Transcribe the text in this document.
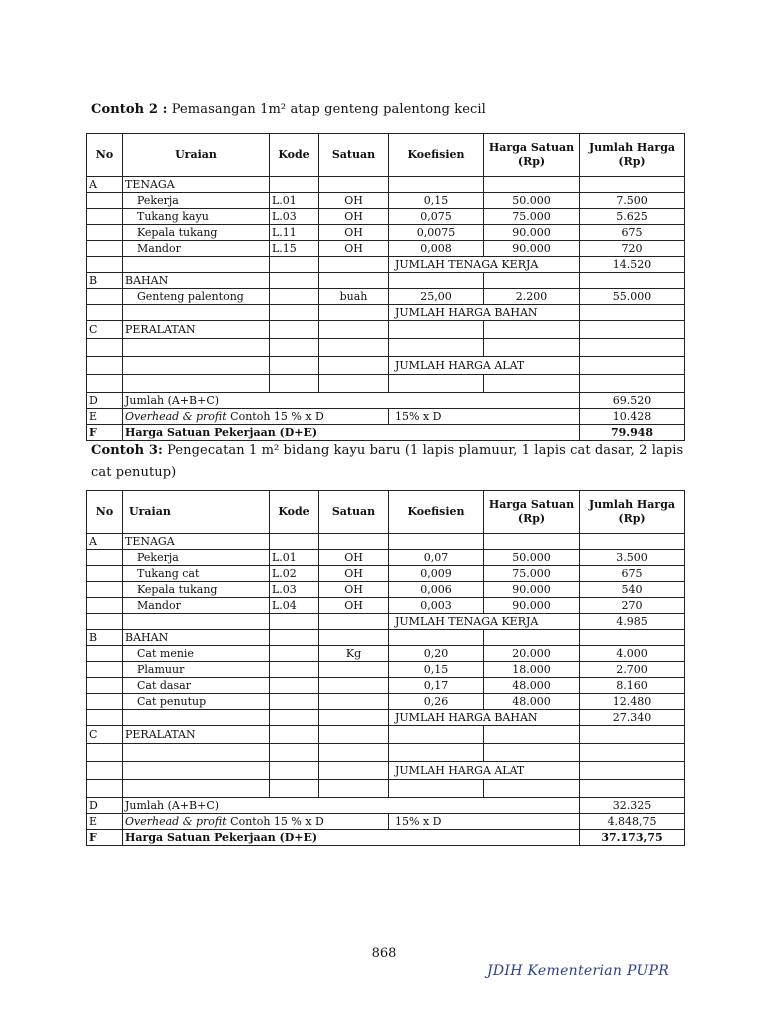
Contoh 2 : Pemasangan 1m² atap genteng palentong kecil
No	Uraian	Kode	Satuan	Koefisien	Harga Satuan (Rp)	Jumlah Harga (Rp)
A	TENAGA					
	Pekerja	L.01	OH	0,15	50.000	7.500
	Tukang kayu	L.03	OH	0,075	75.000	5.625
	Kepala tukang	L.11	OH	0,0075	90.000	675
	Mandor	L.15	OH	0,008	90.000	720
				JUMLAH TENAGA KERJA		14.520
B	BAHAN					
	Genteng palentong		buah	25,00	2.200	55.000
				JUMLAH HARGA BAHAN		
C	PERALATAN					

				JUMLAH HARGA ALAT		

D	Jumlah (A+B+C)					69.520
E	Overhead & profit Contoh 15 % x D			15% x D		10.428
F	Harga Satuan Pekerjaan (D+E)					79.948
Contoh 3: Pengecatan 1 m² bidang kayu baru (1 lapis plamuur, 1 lapis cat dasar, 2 lapis cat penutup)
No	Uraian	Kode	Satuan	Koefisien	Harga Satuan (Rp)	Jumlah Harga (Rp)
A	TENAGA					
	Pekerja	L.01	OH	0,07	50.000	3.500
	Tukang cat	L.02	OH	0,009	75.000	675
	Kepala tukang	L.03	OH	0,006	90.000	540
	Mandor	L.04	OH	0,003	90.000	270
				JUMLAH TENAGA KERJA		4.985
B	BAHAN					
	Cat menie		Kg	0,20	20.000	4.000
	Plamuur			0,15	18.000	2.700
	Cat dasar			0,17	48.000	8.160
	Cat penutup			0,26	48.000	12.480
				JUMLAH HARGA BAHAN		27.340
C	PERALATAN					

				JUMLAH HARGA ALAT		

D	Jumlah (A+B+C)					32.325
E	Overhead & profit Contoh 15 % x D			15% x D		4.848,75
F	Harga Satuan Pekerjaan (D+E)					37.173,75
868
JDIH Kementerian PUPR
